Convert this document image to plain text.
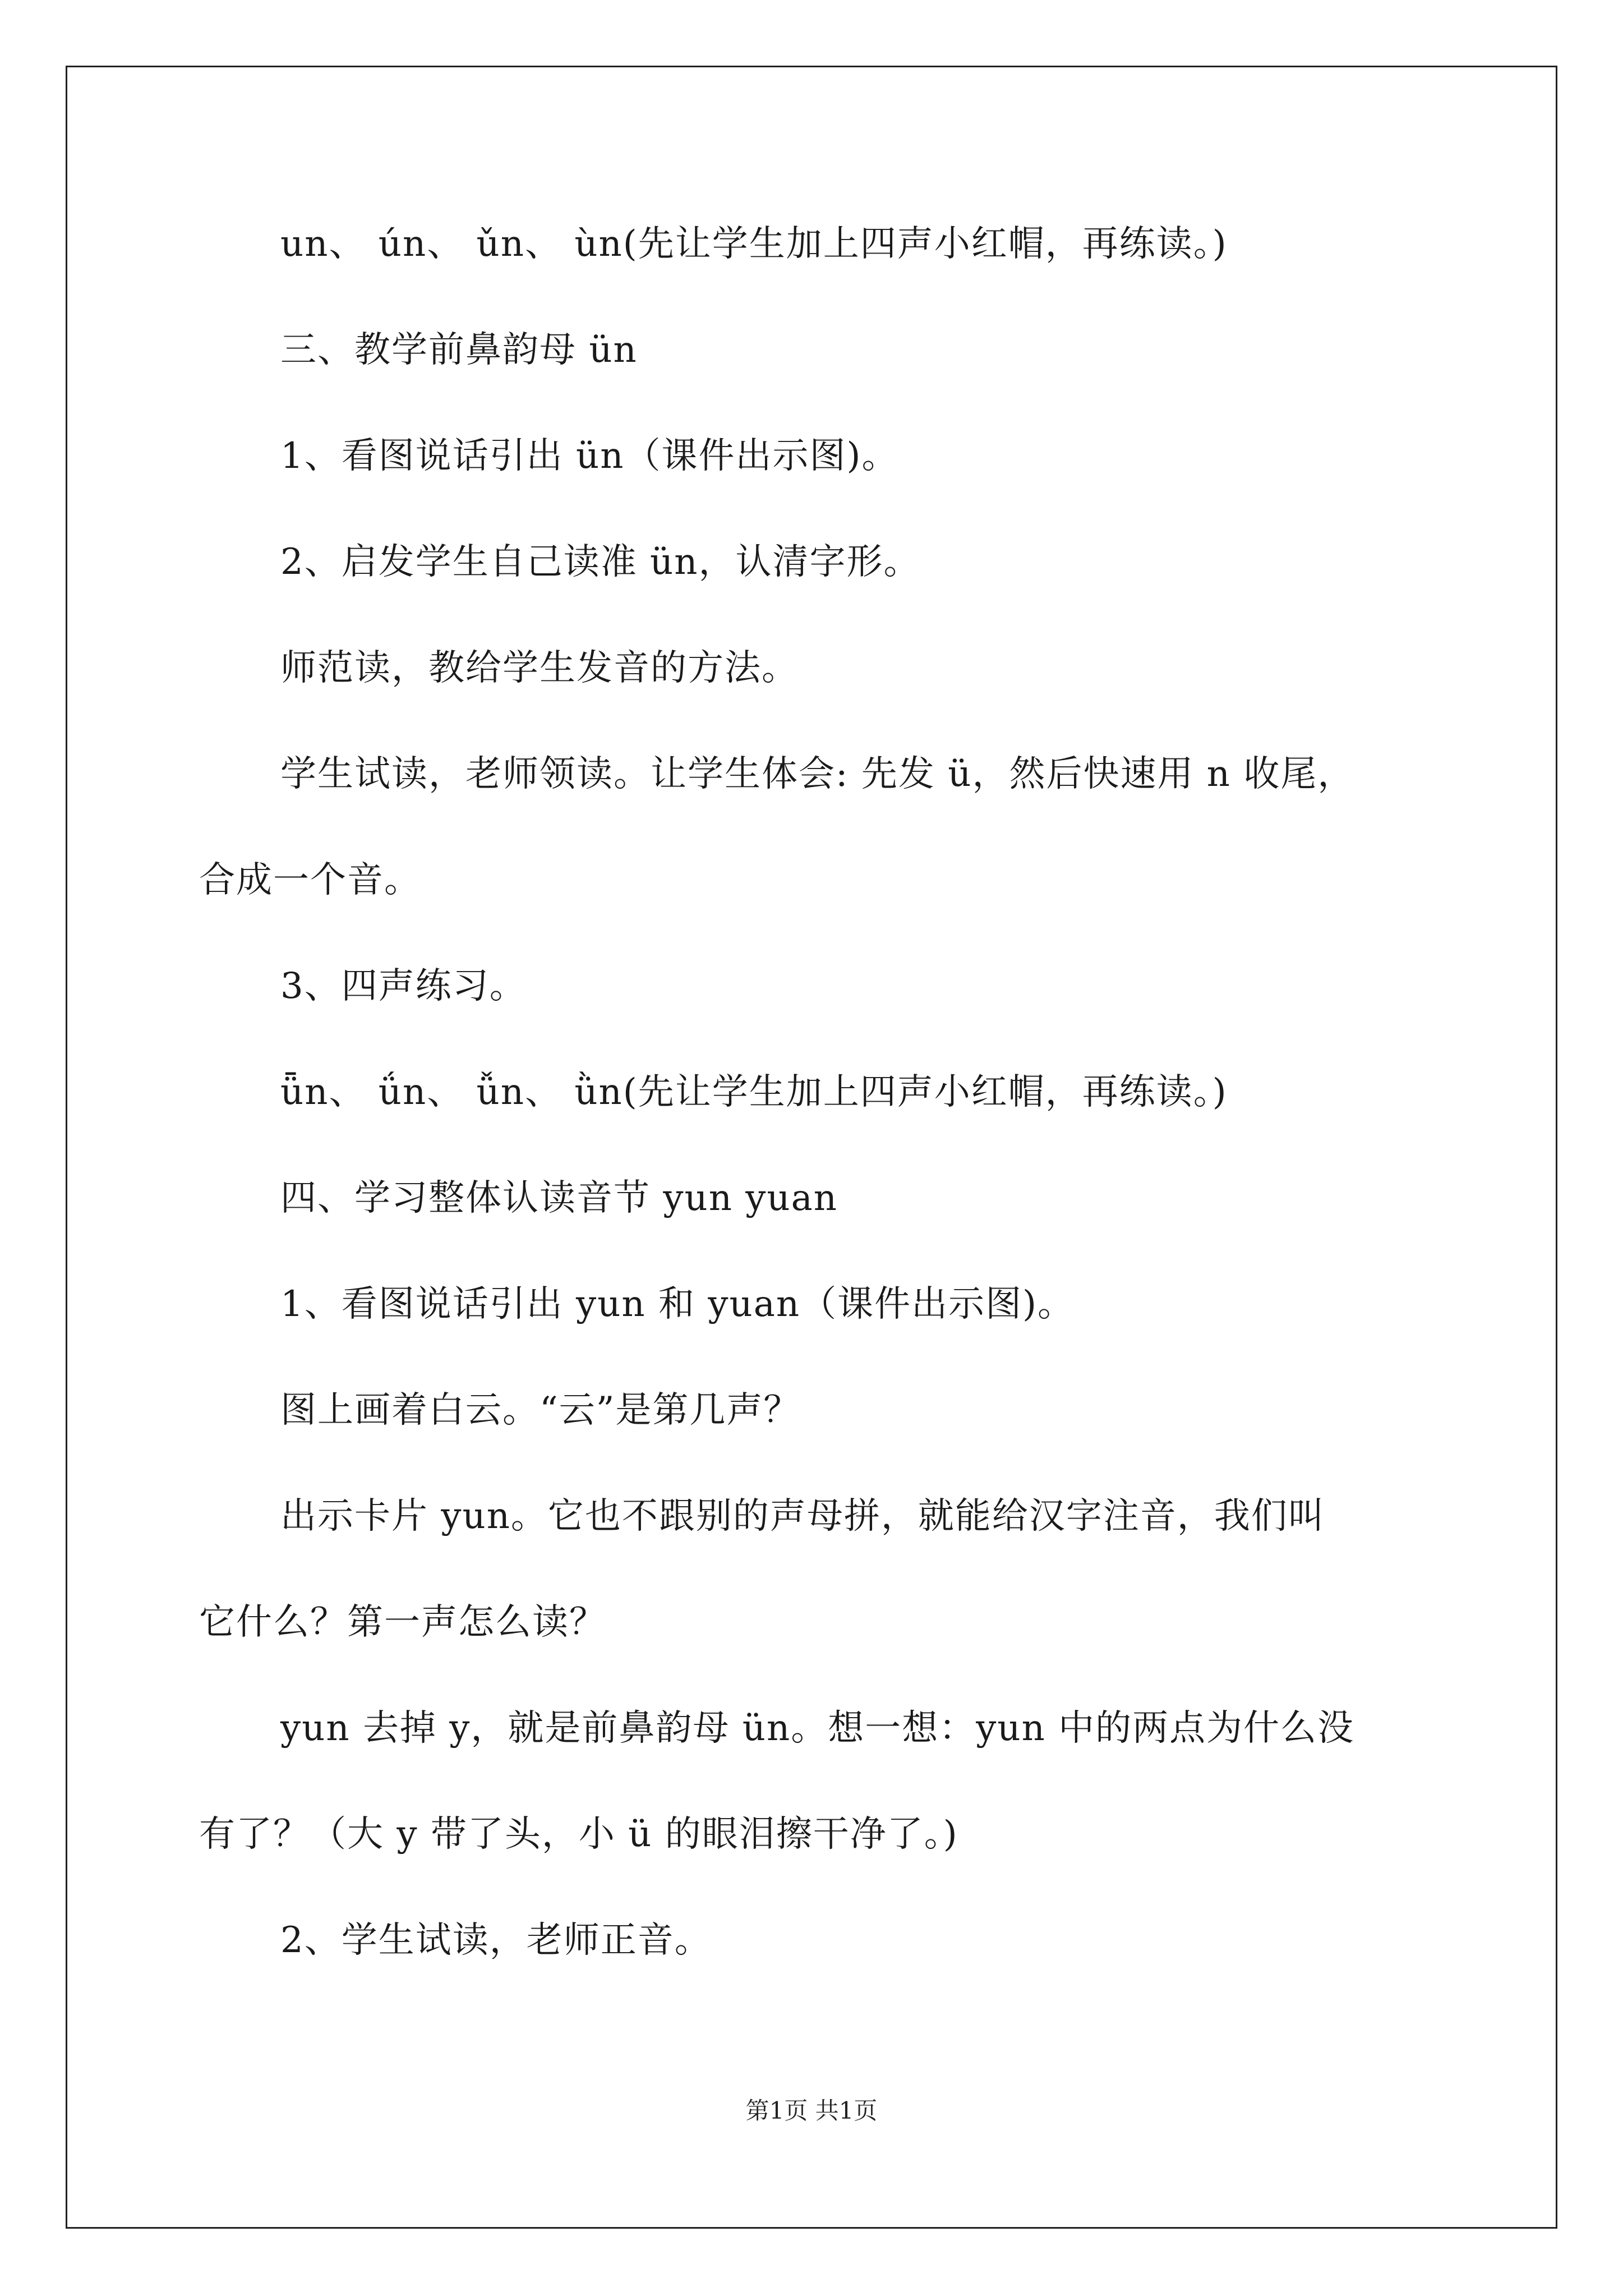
un、 ún、 ǔn、 ùn(先让学生加上四声小红帽，再练读。)
三、教学前鼻韵母 ün
1、看图说话引出 ün（课件出示图)。
2、启发学生自己读准 ün，认清字形。
师范读，教给学生发音的方法。
学生试读，老师领读。让学生体会: 先发 ü，然后快速用 n 收尾，
合成一个音。
3、四声练习。
ǖn、 ǘn、 ǚn、 ǜn(先让学生加上四声小红帽，再练读。)
四、学习整体认读音节 yun yuan
1、看图说话引出 yun 和 yuan（课件出示图)。
图上画着白云。“云”是第几声？
出示卡片 yun。它也不跟别的声母拼，就能给汉字注音，我们叫
它什么？第一声怎么读？
yun 去掉 y，就是前鼻韵母 ün。想一想：yun 中的两点为什么没
有了？（大 y 带了头，小 ü 的眼泪擦干净了。)
2、学生试读，老师正音。
第1页 共1页
